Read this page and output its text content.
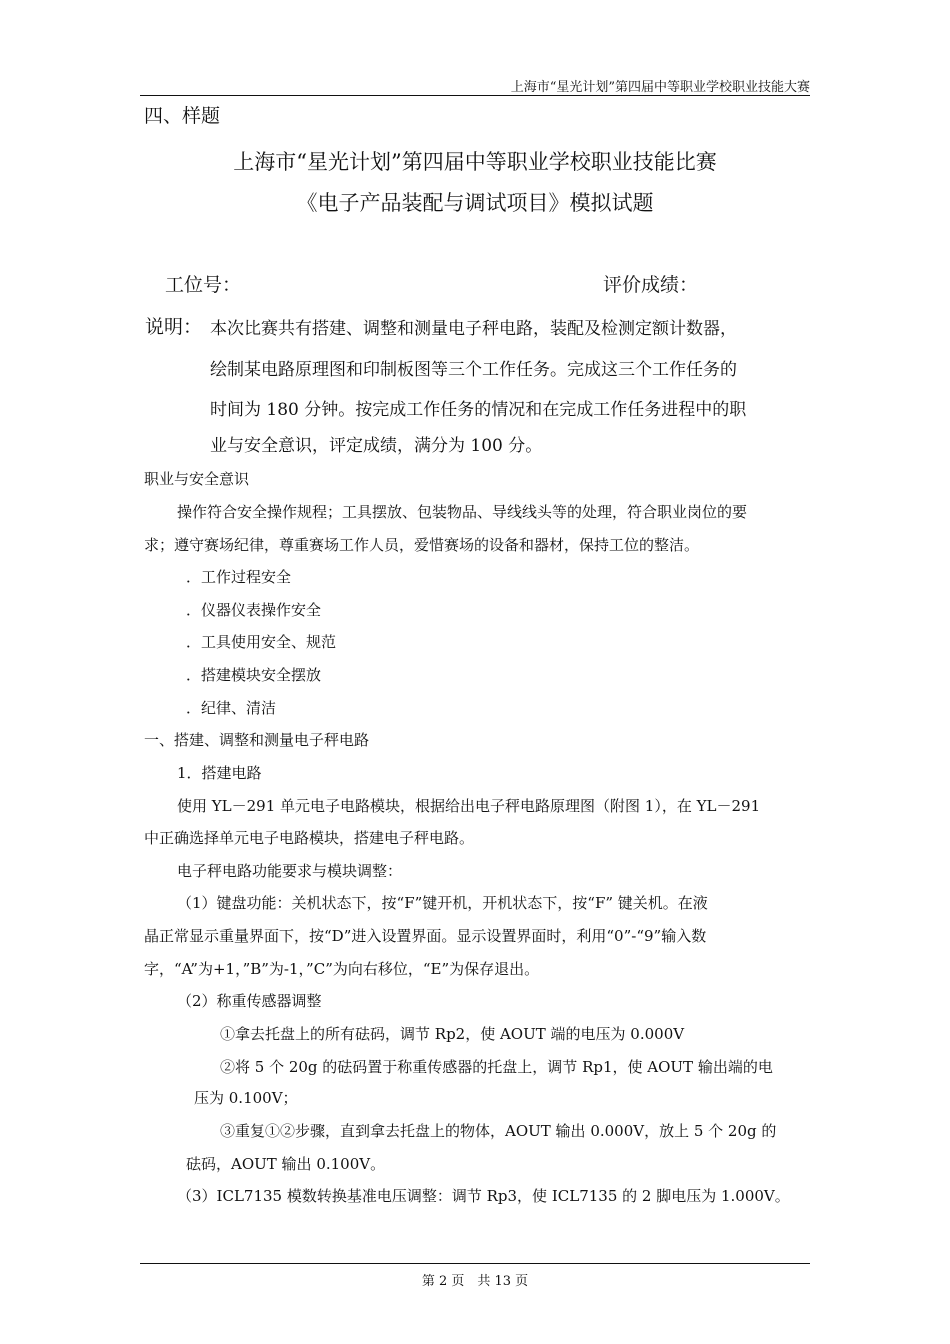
上海市“星光计划”第四届中等职业学校职业技能大赛
四、样题
上海市“星光计划”第四届中等职业学校职业技能比赛
《电子产品装配与调试项目》模拟试题
工位号：	评价成绩：
说明： 本次比赛共有搭建、调整和测量电子秤电路，装配及检测定额计数器，
绘制某电路原理图和印制板图等三个工作任务。完成这三个工作任务的
时间为 180 分钟。按完成工作任务的情况和在完成工作任务进程中的职
业与安全意识，评定成绩，满分为 100 分。
职业与安全意识
操作符合安全操作规程；工具摆放、包装物品、导线线头等的处理，符合职业岗位的要
求；遵守赛场纪律，尊重赛场工作人员，爱惜赛场的设备和器材，保持工位的整洁。
．工作过程安全
．仪器仪表操作安全
．工具使用安全、规范
．搭建模块安全摆放
．纪律、清洁
一、搭建、调整和测量电子秤电路
1．搭建电路
使用 YL－291 单元电子电路模块，根据给出电子秤电路原理图（附图 1），在 YL－291
中正确选择单元电子电路模块，搭建电子秤电路。
电子秤电路功能要求与模块调整：
（1）键盘功能：关机状态下，按“F”键开机，开机状态下，按“F” 键关机。在液
晶正常显示重量界面下，按“D”进入设置界面。显示设置界面时，利用“0”-“9”输入数
字，“A”为+1，”B”为-1，”C”为向右移位，“E”为保存退出。
（2）称重传感器调整
①拿去托盘上的所有砝码，调节 Rp2，使 AOUT 端的电压为 0.000V
②将 5 个 20g 的砝码置于称重传感器的托盘上，调节 Rp1，使 AOUT 输出端的电
压为 0.100V；
③重复①②步骤，直到拿去托盘上的物体，AOUT 输出 0.000V，放上 5 个 20g 的
砝码，AOUT 输出 0.100V。
（3）ICL7135 模数转换基准电压调整：调节 Rp3，使 ICL7135 的 2 脚电压为 1.000V。
第 2 页　共 13 页
